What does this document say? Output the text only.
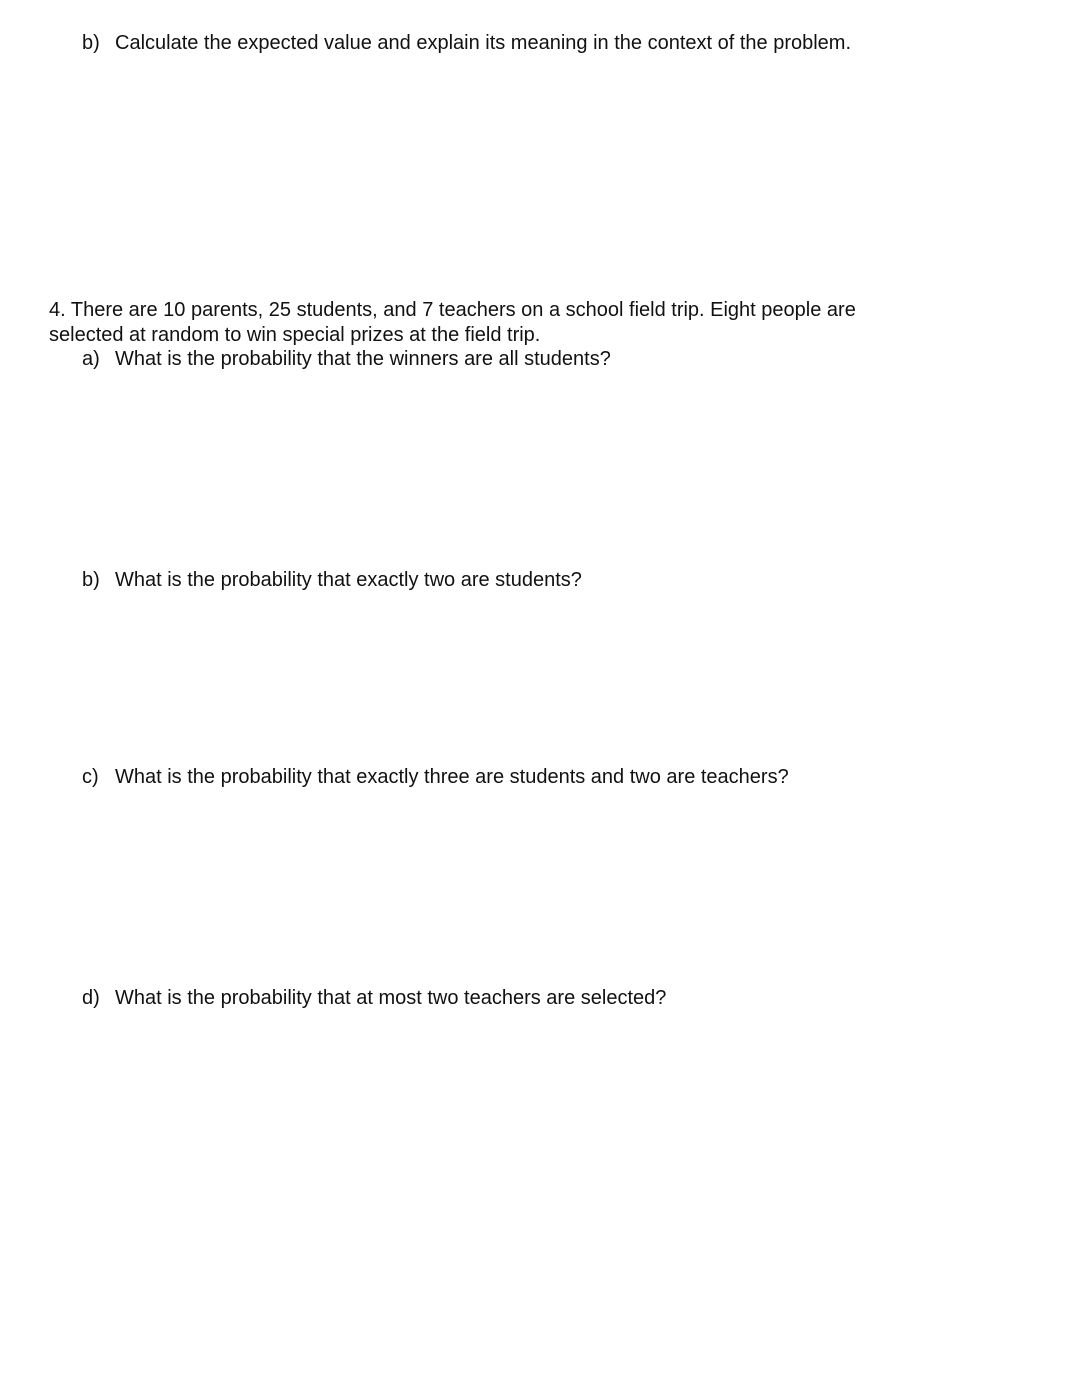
b) Calculate the expected value and explain its meaning in the context of the problem.

4. There are 10 parents, 25 students, and 7 teachers on a school field trip. Eight people are

selected at random to win special prizes at the field trip.

a) What is the probability that the winners are all students?

b) What is the probability that exactly two are students?

c) What is the probability that exactly three are students and two are teachers?

d) What is the probability that at most two teachers are selected?
